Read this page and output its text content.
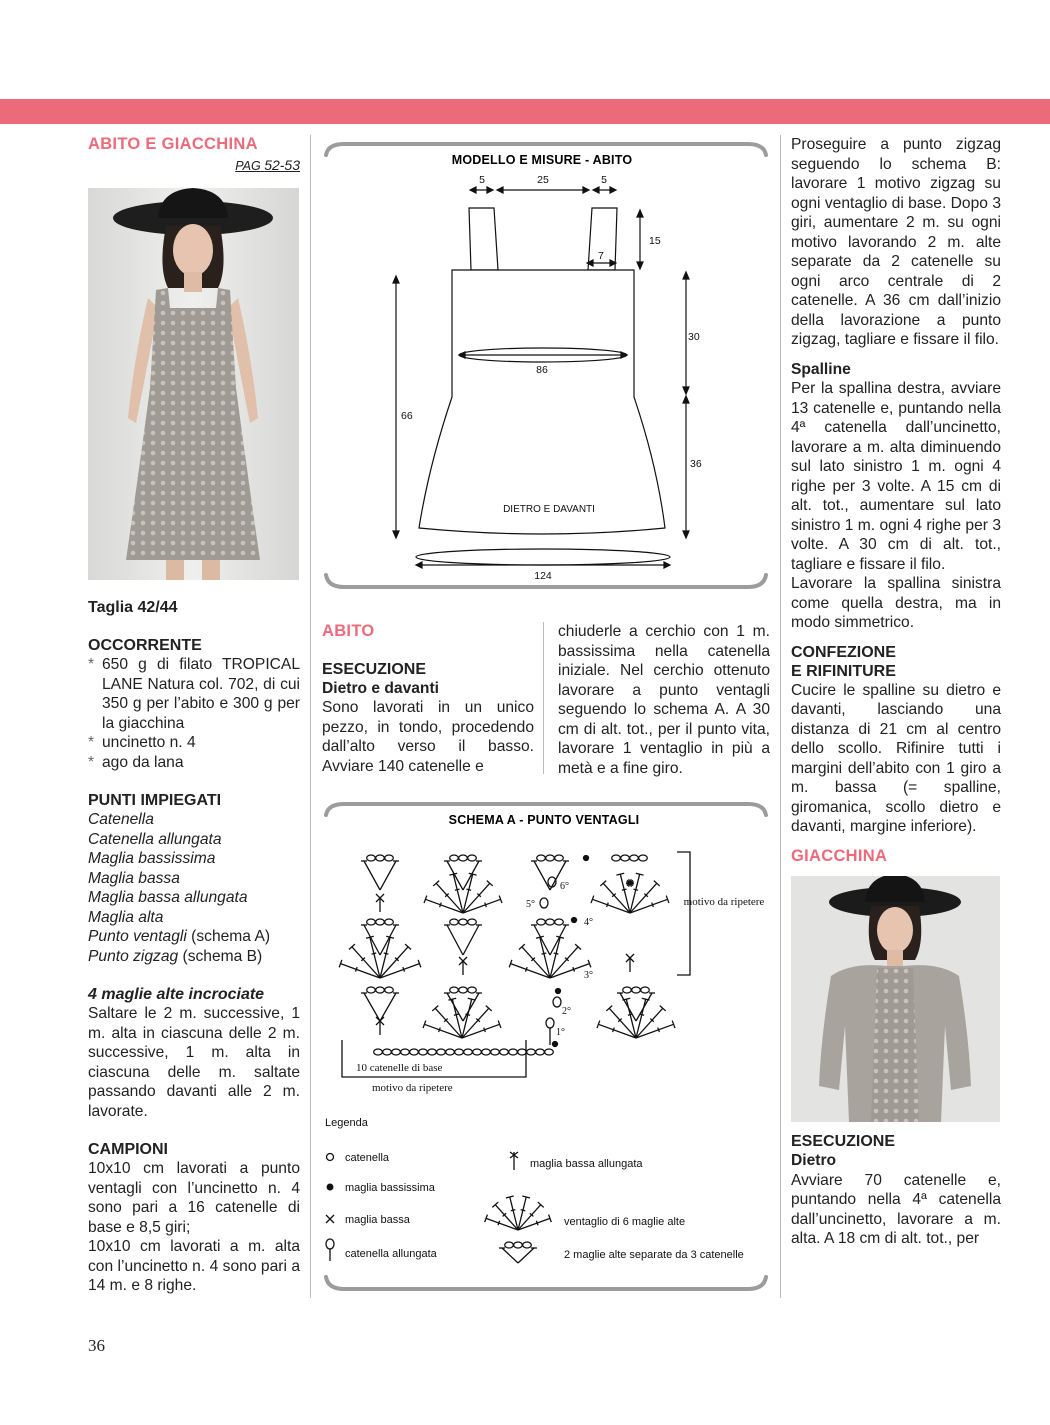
ABITO E GIACCHINA
PAG 52-53
Taglia 42/44
OCCORRENTE
* 650 g di filato TROPICAL LANE Natura col. 702, di cui 350 g per l’abito e 300 g per la giacchina
* uncinetto n. 4
* ago da lana
PUNTI IMPIEGATI
Catenella
Catenella allungata
Maglia bassissima
Maglia bassa
Maglia bassa allungata
Maglia alta
Punto ventagli (schema A)
Punto zigzag (schema B)
4 maglie alte incrociate

Saltare le 2 m. successive, 1 m. alta in ciascuna delle 2 m. successive, 1 m. alta in ciascuna delle m. saltate passando davanti alle 2 m. lavorate.

CAMPIONI

10x10 cm lavorati a punto ventagli con l’uncinetto n. 4 sono pari a 16 catenelle di base e 8,5 giri;

10x10 cm lavorati a m. alta con l’uncinetto n. 4 sono pari a 14 m. e 8 righe.

MODELLO E MISURE - ABITO
5	25	5
15
7
30
86
66
36
124
DIETRO E DAVANTI
ABITO
ESECUZIONE
Dietro e davanti

Sono lavorati in un unico pezzo, in tondo, procedendo dall’alto verso il basso. Avviare 140 catenelle e

chiuderle a cerchio con 1 m. bassissima nella catenella iniziale. Nel cerchio ottenuto lavorare a punto ventagli seguendo lo schema A. A 30 cm di alt. tot., per il punto vita, lavorare 1 ventaglio in più a metà e a fine giro.

SCHEMA A - PUNTO VENTAGLI
motivo da ripetere
10 catenelle di base
motivo da ripetere
Legenda
catenella
maglia bassissima
maglia bassa
catenella allungata
maglia bassa allungata
ventaglio di 6 maglie alte
2 maglie alte separate da 3 catenelle
1°
2°
3°
4°
5°
6°

Proseguire a punto zigzag seguendo lo schema B: lavorare 1 motivo zigzag su ogni ventaglio di base. Dopo 3 giri, aumentare 2 m. su ogni motivo lavorando 2 m. alte separate da 2 catenelle su ogni arco centrale di 2 catenelle. A 36 cm dall’inizio della lavorazione a punto zigzag, tagliare e fissare il filo.

Spalline

Per la spallina destra, avviare 13 catenelle e, puntando nella 4ª catenella dall’uncinetto, lavorare a m. alta diminuendo sul lato sinistro 1 m. ogni 4 righe per 3 volte. A 15 cm di alt. tot., aumentare sul lato sinistro 1 m. ogni 4 righe per 3 volte. A 30 cm di alt. tot., tagliare e fissare il filo.

Lavorare la spallina sinistra come quella destra, ma in modo simmetrico.

CONFEZIONE
E RIFINITURE

Cucire le spalline su dietro e davanti, lasciando una distanza di 21 cm al centro dello scollo. Rifinire tutti i margini dell’abito con 1 giro a m. bassa (= spalline, giromanica, scollo dietro e davanti, margine inferiore).

GIACCHINA
ESECUZIONE
Dietro

Avviare 70 catenelle e, puntando nella 4ª catenella dall’uncinetto, lavorare a m. alta. A 18 cm di alt. tot., per

36
